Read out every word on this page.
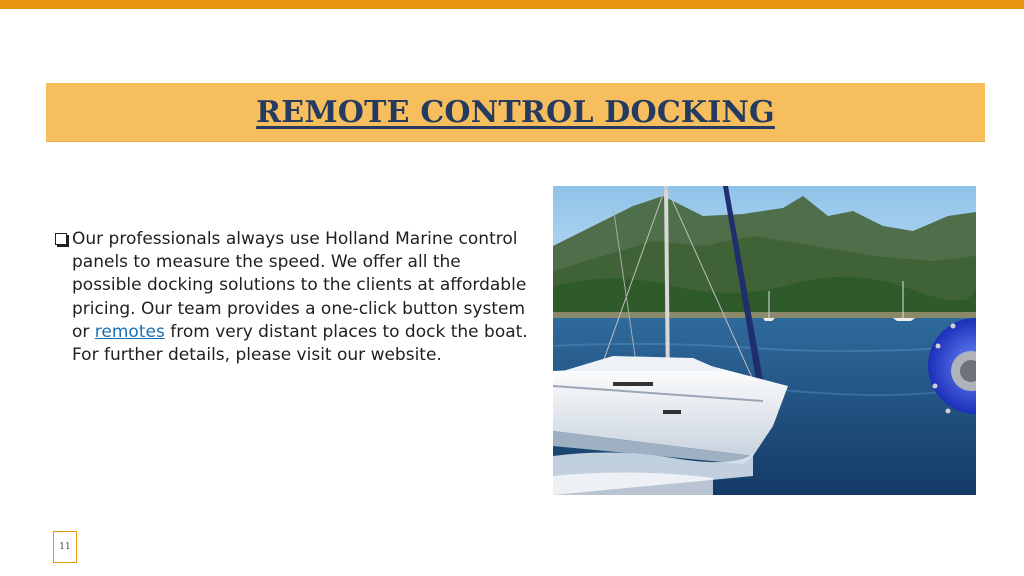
REMOTE CONTROL DOCKING
Our professionals always use Holland Marine control panels to measure the speed. We offer all the possible docking solutions to the clients at affordable pricing. Our team provides a one-click button system or remotes from very distant places to dock the boat. For further details, please visit our website.
11
